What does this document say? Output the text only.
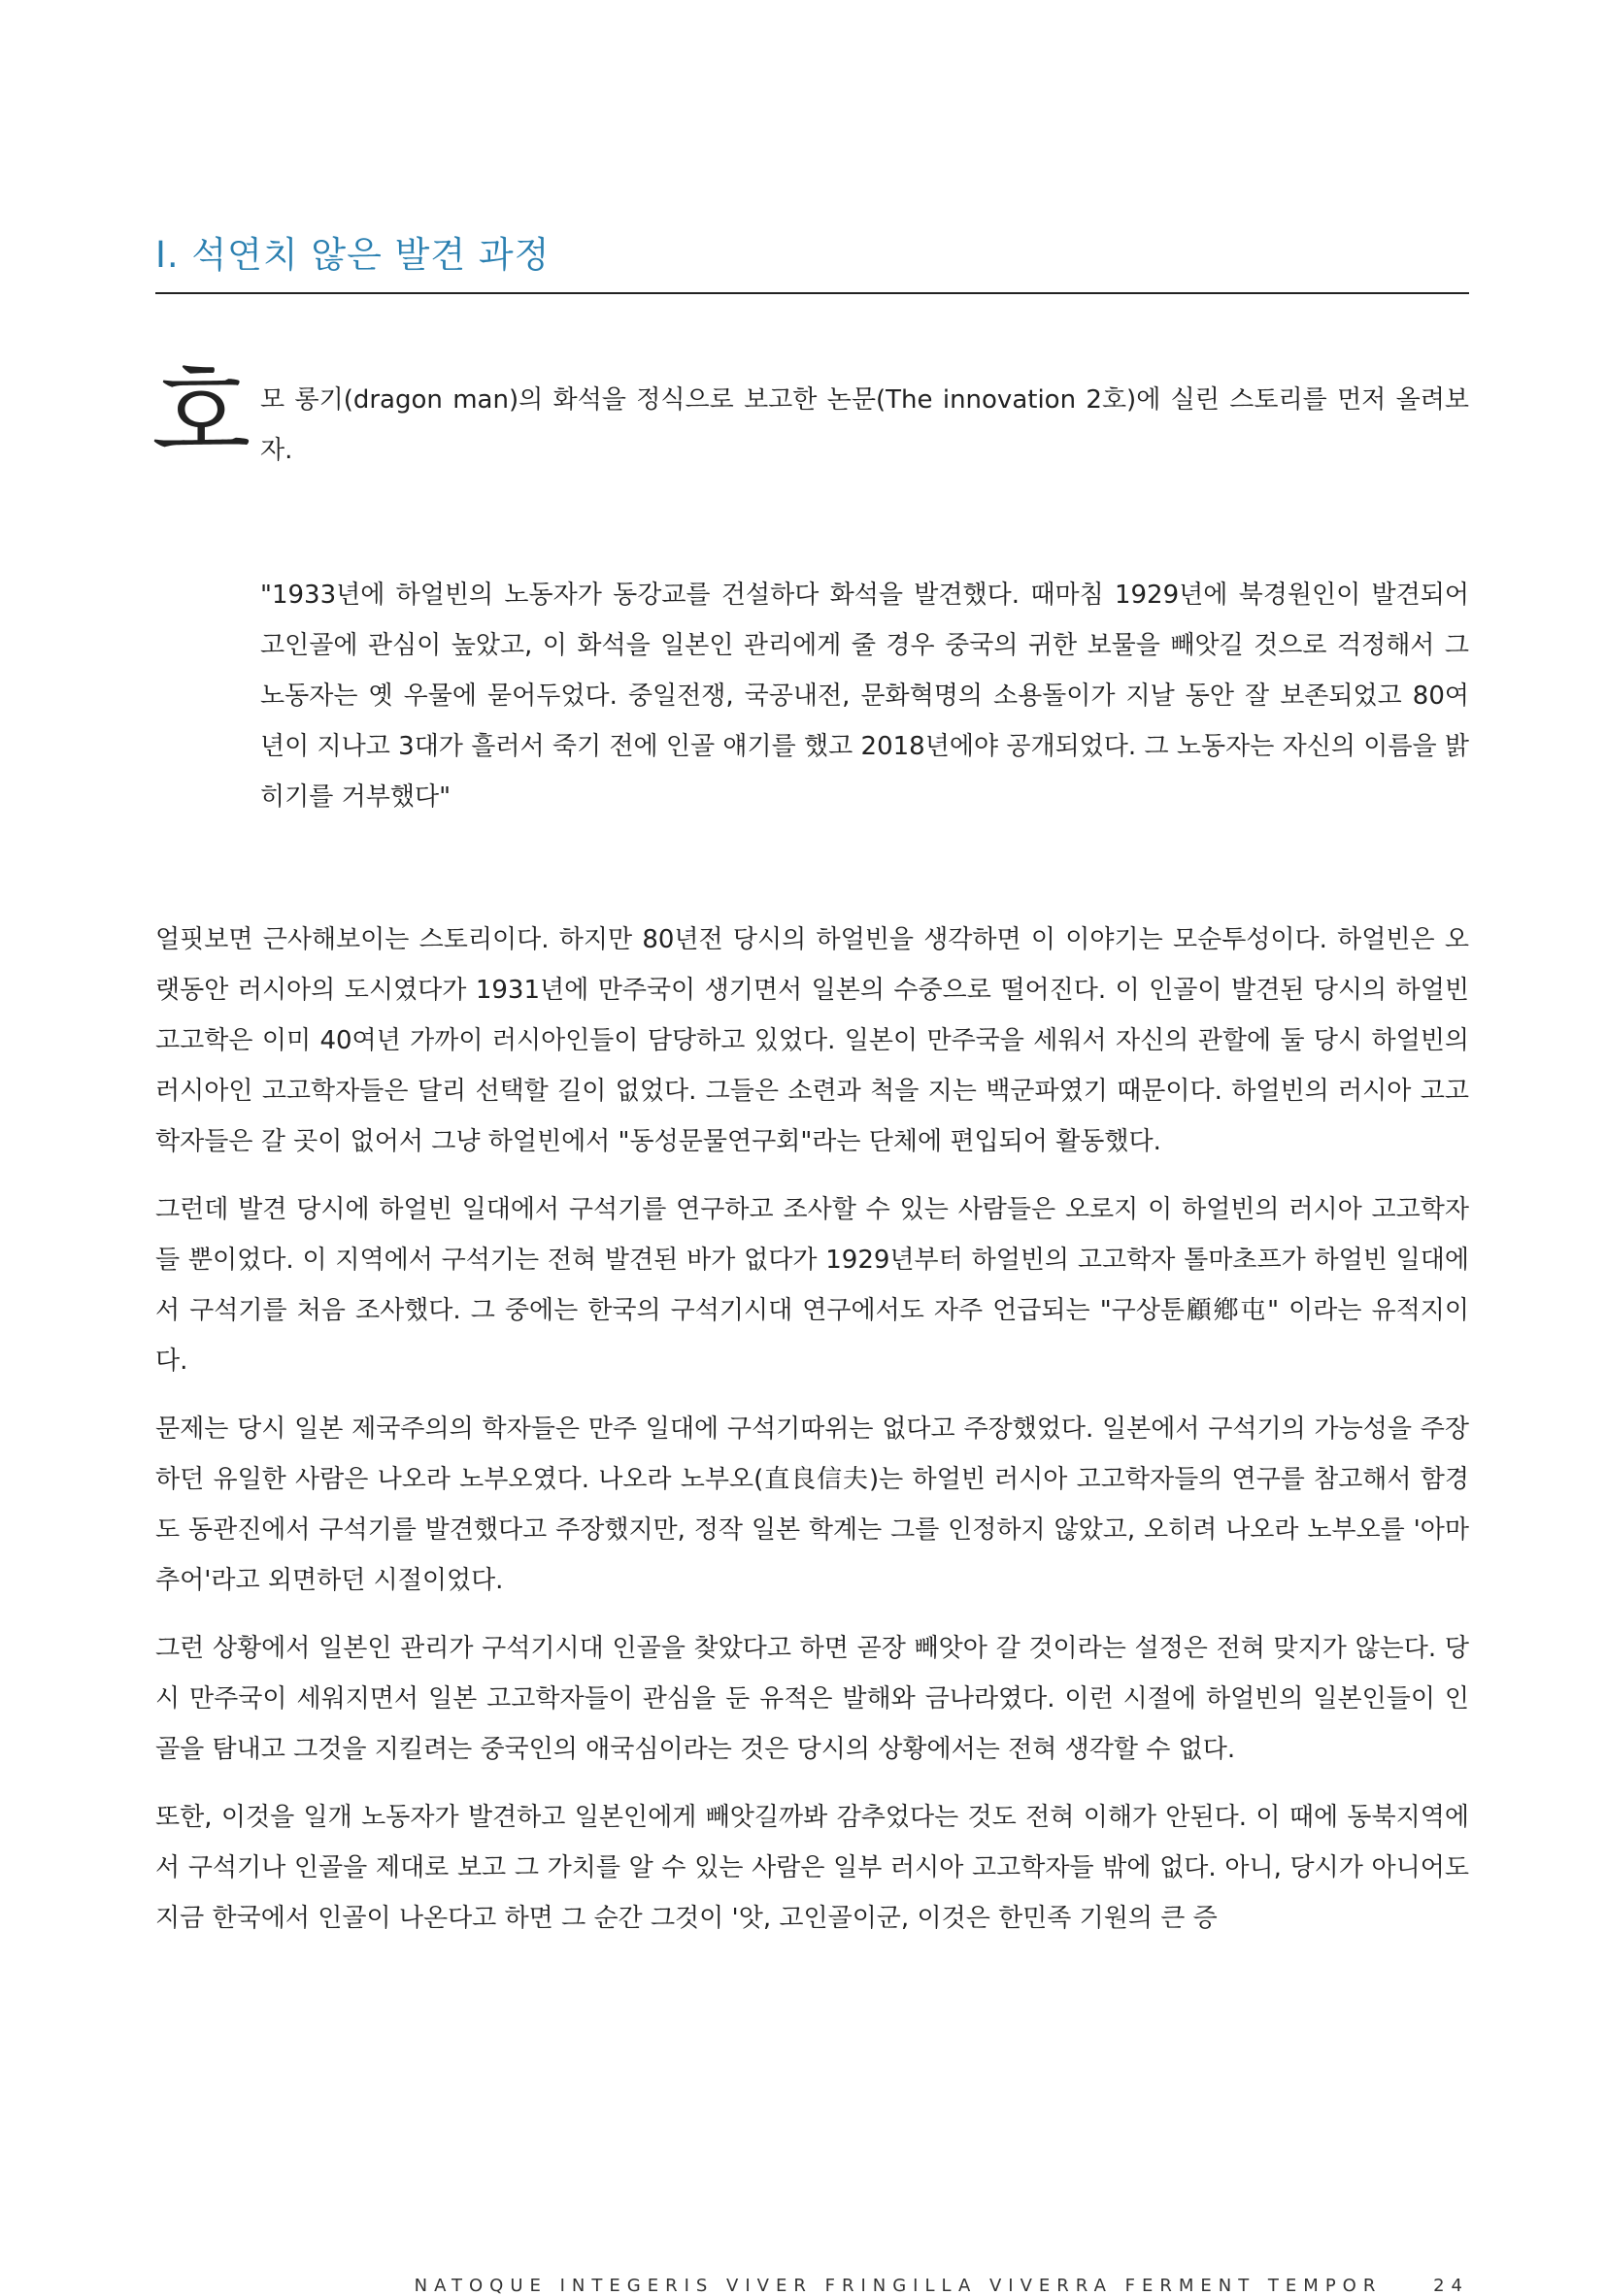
I. 석연치 않은 발견 과정
호 모 롱기(dragon man)의 화석을 정식으로 보고한 논문(The innovation 2호)에 실린 스토리를 먼저 올려보자.

"1933년에 하얼빈의 노동자가 동강교를 건설하다 화석을 발견했다. 때마침 1929년에 북경원인이 발견되어 고인골에 관심이 높았고, 이 화석을 일본인 관리에게 줄 경우 중국의 귀한 보물을 빼앗길 것으로 걱정해서 그 노동자는 옛 우물에 묻어두었다. 중일전쟁, 국공내전, 문화혁명의 소용돌이가 지날 동안 잘 보존되었고 80여 년이 지나고 3대가 흘러서 죽기 전에 인골 얘기를 했고 2018년에야 공개되었다. 그 노동자는 자신의 이름을 밝히기를 거부했다"

얼핏보면 근사해보이는 스토리이다. 하지만 80년전 당시의 하얼빈을 생각하면 이 이야기는 모순투성이다. 하얼빈은 오랫동안 러시아의 도시였다가 1931년에 만주국이 생기면서 일본의 수중으로 떨어진다. 이 인골이 발견된 당시의 하얼빈 고고학은 이미 40여년 가까이 러시아인들이 담당하고 있었다. 일본이 만주국을 세워서 자신의 관할에 둘 당시 하얼빈의 러시아인 고고학자들은 달리 선택할 길이 없었다. 그들은 소련과 척을 지는 백군파였기 때문이다. 하얼빈의 러시아 고고학자들은 갈 곳이 없어서 그냥 하얼빈에서 "동성문물연구회"라는 단체에 편입되어 활동했다.

그런데 발견 당시에 하얼빈 일대에서 구석기를 연구하고 조사할 수 있는 사람들은 오로지 이 하얼빈의 러시아 고고학자들 뿐이었다. 이 지역에서 구석기는 전혀 발견된 바가 없다가 1929년부터 하얼빈의 고고학자 톨마초프가 하얼빈 일대에서 구석기를 처음 조사했다. 그 중에는 한국의 구석기시대 연구에서도 자주 언급되는 "구상툰顧鄕屯" 이라는 유적지이다.

문제는 당시 일본 제국주의의 학자들은 만주 일대에 구석기따위는 없다고 주장했었다. 일본에서 구석기의 가능성을 주장하던 유일한 사람은 나오라 노부오였다. 나오라 노부오(直良信夫)는 하얼빈 러시아 고고학자들의 연구를 참고해서 함경도 동관진에서 구석기를 발견했다고 주장했지만, 정작 일본 학계는 그를 인정하지 않았고, 오히려 나오라 노부오를 '아마추어'라고 외면하던 시절이었다.

그런 상황에서 일본인 관리가 구석기시대 인골을 찾았다고 하면 곧장 빼앗아 갈 것이라는 설정은 전혀 맞지가 않는다. 당시 만주국이 세워지면서 일본 고고학자들이 관심을 둔 유적은 발해와 금나라였다. 이런 시절에 하얼빈의 일본인들이 인골을 탐내고 그것을 지킬려는 중국인의 애국심이라는 것은 당시의 상황에서는 전혀 생각할 수 없다.

또한, 이것을 일개 노동자가 발견하고 일본인에게 빼앗길까봐 감추었다는 것도 전혀 이해가 안된다. 이 때에 동북지역에서 구석기나 인골을 제대로 보고 그 가치를 알 수 있는 사람은 일부 러시아 고고학자들 밖에 없다. 아니, 당시가 아니어도 지금 한국에서 인골이 나온다고 하면 그 순간 그것이 '앗, 고인골이군, 이것은 한민족 기원의 큰 증

NATOQUE INTEGERIS VIVER FRINGILLA VIVERRA FERMENT TEMPOR	24
